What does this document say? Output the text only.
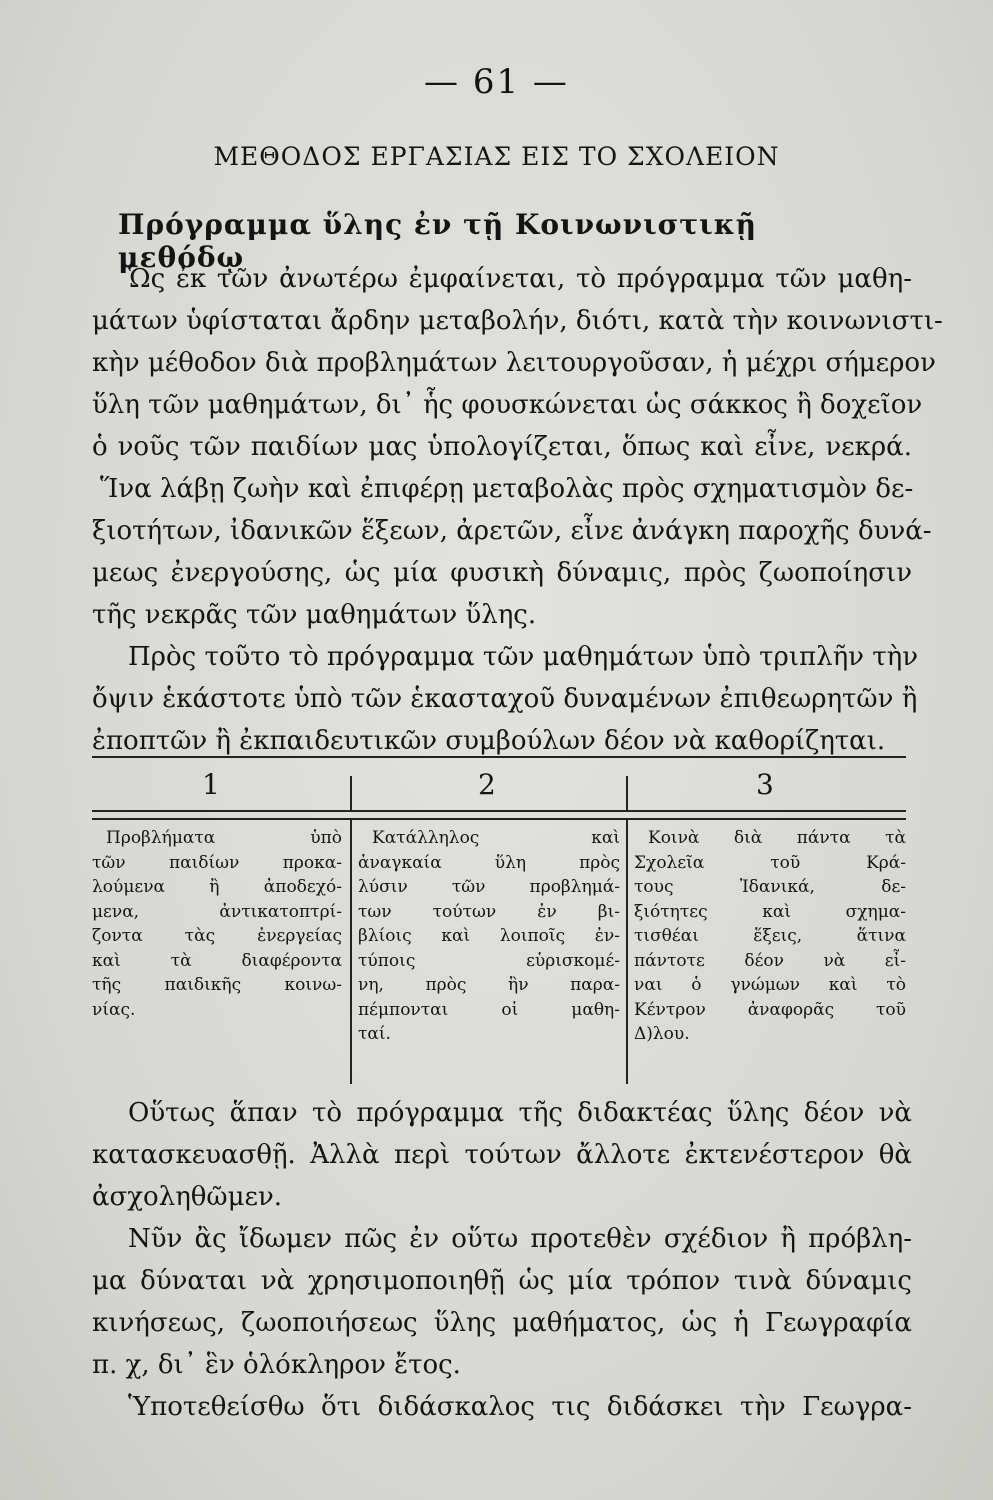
— 61 —
ΜΕΘΟΔΟΣ ΕΡΓΑΣΙΑΣ ΕΙΣ ΤΟ ΣΧΟΛΕΙΟΝ
Πρόγραμμα ὕλης ἐν τῇ Κοινωνιστικῇ μεθόδῳ
Ὡς ἐκ τῶν ἀνωτέρω ἐμφαίνεται, τὸ πρόγραμμα τῶν μαθη-
μάτων ὑφίσταται ἄρδην μεταβολήν, διότι, κατὰ τὴν κοινωνιστι-
κὴν μέθοδον διὰ προβλημάτων λειτουργοῦσαν, ἡ μέχρι σήμερον
ὕλη τῶν μαθημάτων, δι᾿ ἧς φουσκώνεται ὡς σάκκος ἢ δοχεῖον
ὁ νοῦς τῶν παιδίων μας ὑπολογίζεται, ὅπως καὶ εἶνε, νεκρά.
Ἵνα λάβῃ ζωὴν καὶ ἐπιφέρῃ μεταβολὰς πρὸς σχηματισμὸν δε-
ξιοτήτων, ἰδανικῶν ἕξεων, ἀρετῶν, εἶνε ἀνάγκη παροχῆς δυνά-
μεως ἐνεργούσης, ὡς μία φυσικὴ δύναμις, πρὸς ζωοποίησιν
τῆς νεκρᾶς τῶν μαθημάτων ὕλης.
Πρὸς τοῦτο τὸ πρόγραμμα τῶν μαθημάτων ὑπὸ τριπλῆν τὴν
ὄψιν ἑκάστοτε ὑπὸ τῶν ἑκασταχοῦ δυναμένων ἐπιθεωρητῶν ἢ
ἐποπτῶν ἢ ἐκπαιδευτικῶν συμβούλων δέον νὰ καθορίζηται.
1	2	3
Προβλήματα ὑπὸ
τῶν παιδίων προκα-
λούμενα ἢ ἀποδεχό-
μενα, ἀντικατοπτρί-
ζοντα τὰς ἐνεργείας
καὶ τὰ διαφέροντα
τῆς παιδικῆς κοινω-
νίας.
Κατάλληλος καὶ
ἀναγκαία ὕλη πρὸς
λύσιν τῶν προβλημά-
των τούτων ἐν βι-
βλίοις καὶ λοιποῖς ἐν-
τύποις εὑρισκομέ-
νη, πρὸς ἣν παρα-
πέμπονται οἱ μαθη-
ταί.
Κοινὰ διὰ πάντα τὰ
Σχολεῖα τοῦ Κρά-
τους Ἰδανικά, δε-
ξιότητες καὶ σχημα-
τισθέαι ἕξεις, ἅτινα
πάντοτε δέον νὰ εἶ-
ναι ὁ γνώμων καὶ τὸ
Κέντρον ἀναφορᾶς τοῦ
Δ)λου.
Οὕτως ἅπαν τὸ πρόγραμμα τῆς διδακτέας ὕλης δέον νὰ
κατασκευασθῇ. Ἀλλὰ περὶ τούτων ἄλλοτε ἐκτενέστερον θὰ
ἀσχοληθῶμεν.
Νῦν ἂς ἴδωμεν πῶς ἐν οὕτω προτεθὲν σχέδιον ἢ πρόβλη-
μα δύναται νὰ χρησιμοποιηθῇ ὡς μία τρόπον τινὰ δύναμις
κινήσεως, ζωοποιήσεως ὕλης μαθήματος, ὡς ἡ Γεωγραφία
π. χ, δι᾿ ἓν ὁλόκληρον ἔτος.
Ὑποτεθείσθω ὅτι διδάσκαλος τις διδάσκει τὴν Γεωγρα-
